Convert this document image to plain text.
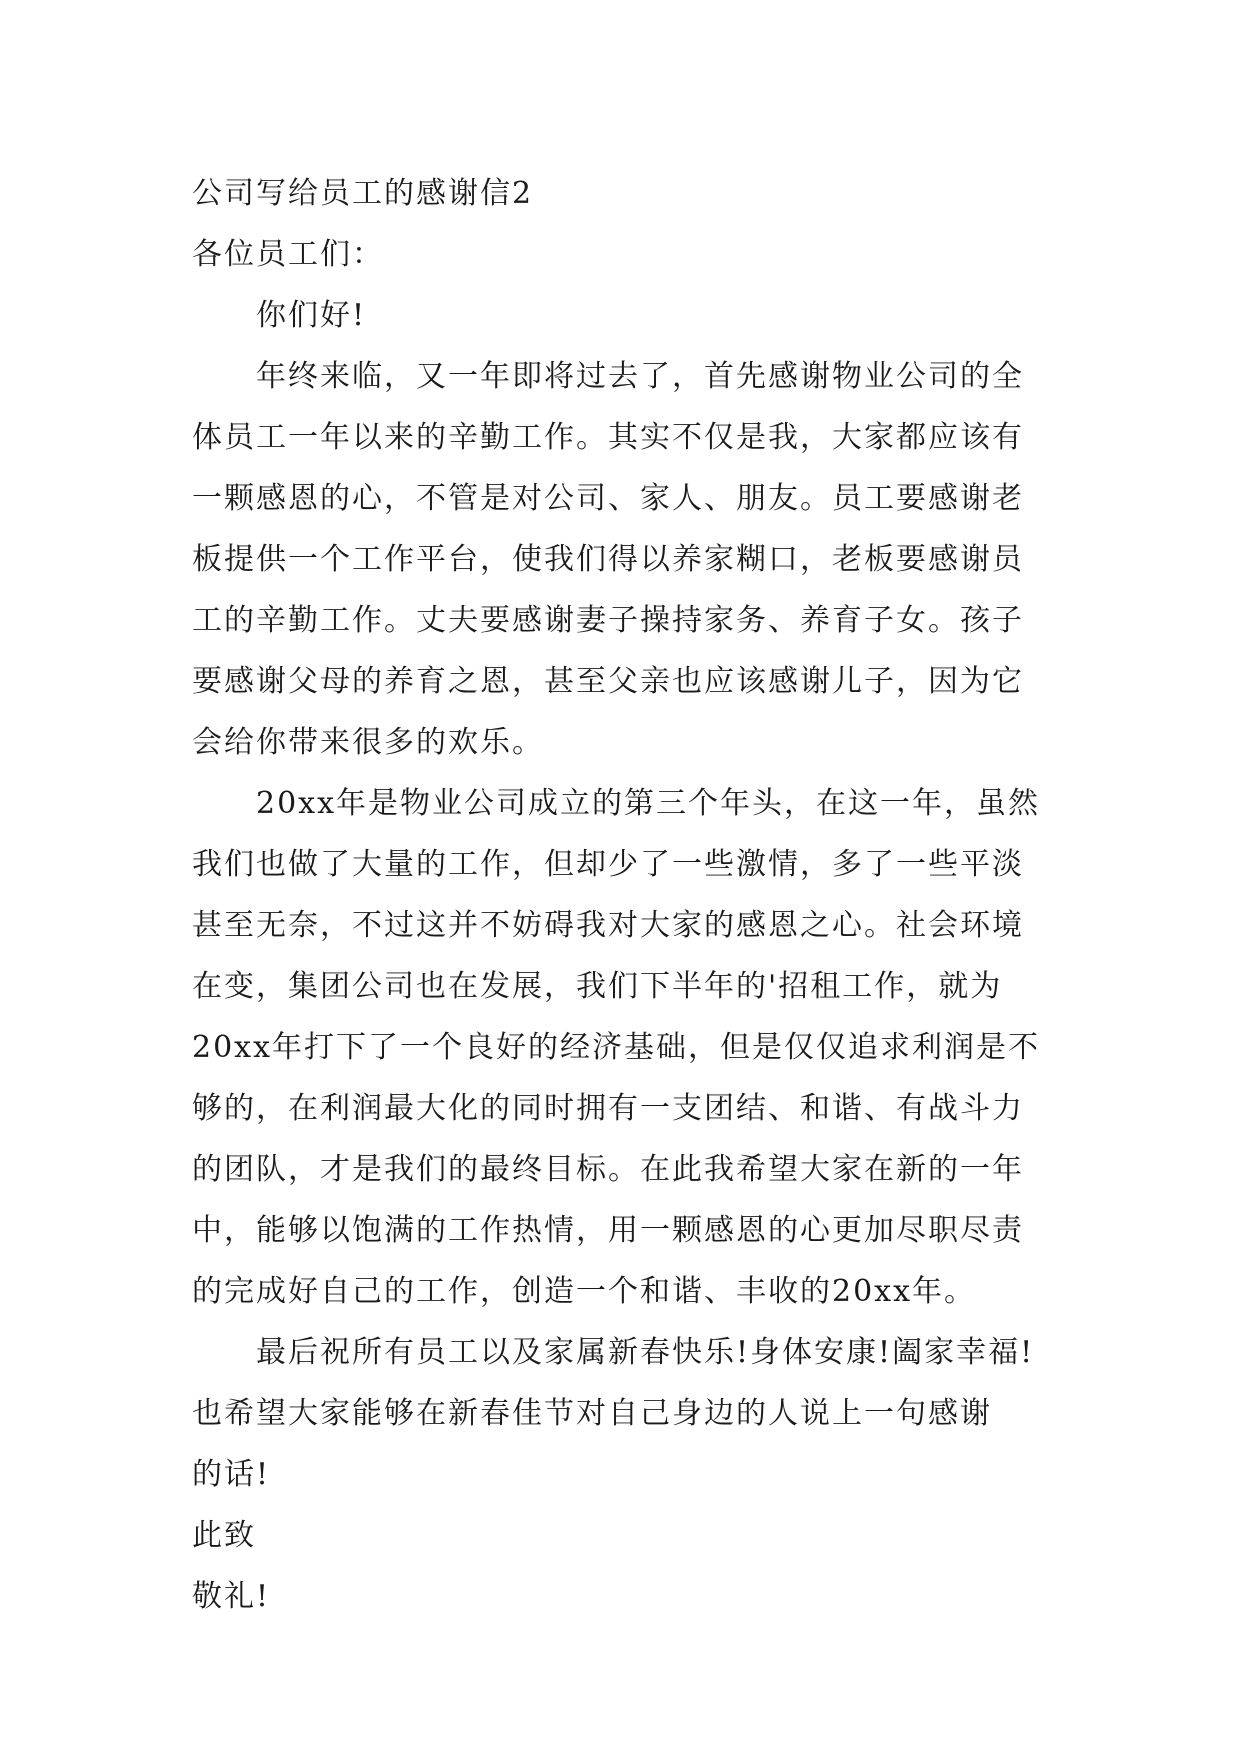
公司写给员工的感谢信2
各位员工们：
你们好!
年终来临，又一年即将过去了，首先感谢物业公司的全
体员工一年以来的辛勤工作。其实不仅是我，大家都应该有
一颗感恩的心，不管是对公司、家人、朋友。员工要感谢老
板提供一个工作平台，使我们得以养家糊口，老板要感谢员
工的辛勤工作。丈夫要感谢妻子操持家务、养育子女。孩子
要感谢父母的养育之恩，甚至父亲也应该感谢儿子，因为它
会给你带来很多的欢乐。
20xx年是物业公司成立的第三个年头，在这一年，虽然
我们也做了大量的工作，但却少了一些激情，多了一些平淡
甚至无奈，不过这并不妨碍我对大家的感恩之心。社会环境
在变，集团公司也在发展，我们下半年的'招租工作，就为
20xx年打下了一个良好的经济基础，但是仅仅追求利润是不
够的，在利润最大化的同时拥有一支团结、和谐、有战斗力
的团队，才是我们的最终目标。在此我希望大家在新的一年
中，能够以饱满的工作热情，用一颗感恩的心更加尽职尽责
的完成好自己的工作，创造一个和谐、丰收的20xx年。
最后祝所有员工以及家属新春快乐!身体安康!阖家幸福!
也希望大家能够在新春佳节对自己身边的人说上一句感谢
的话!
此致
敬礼!
